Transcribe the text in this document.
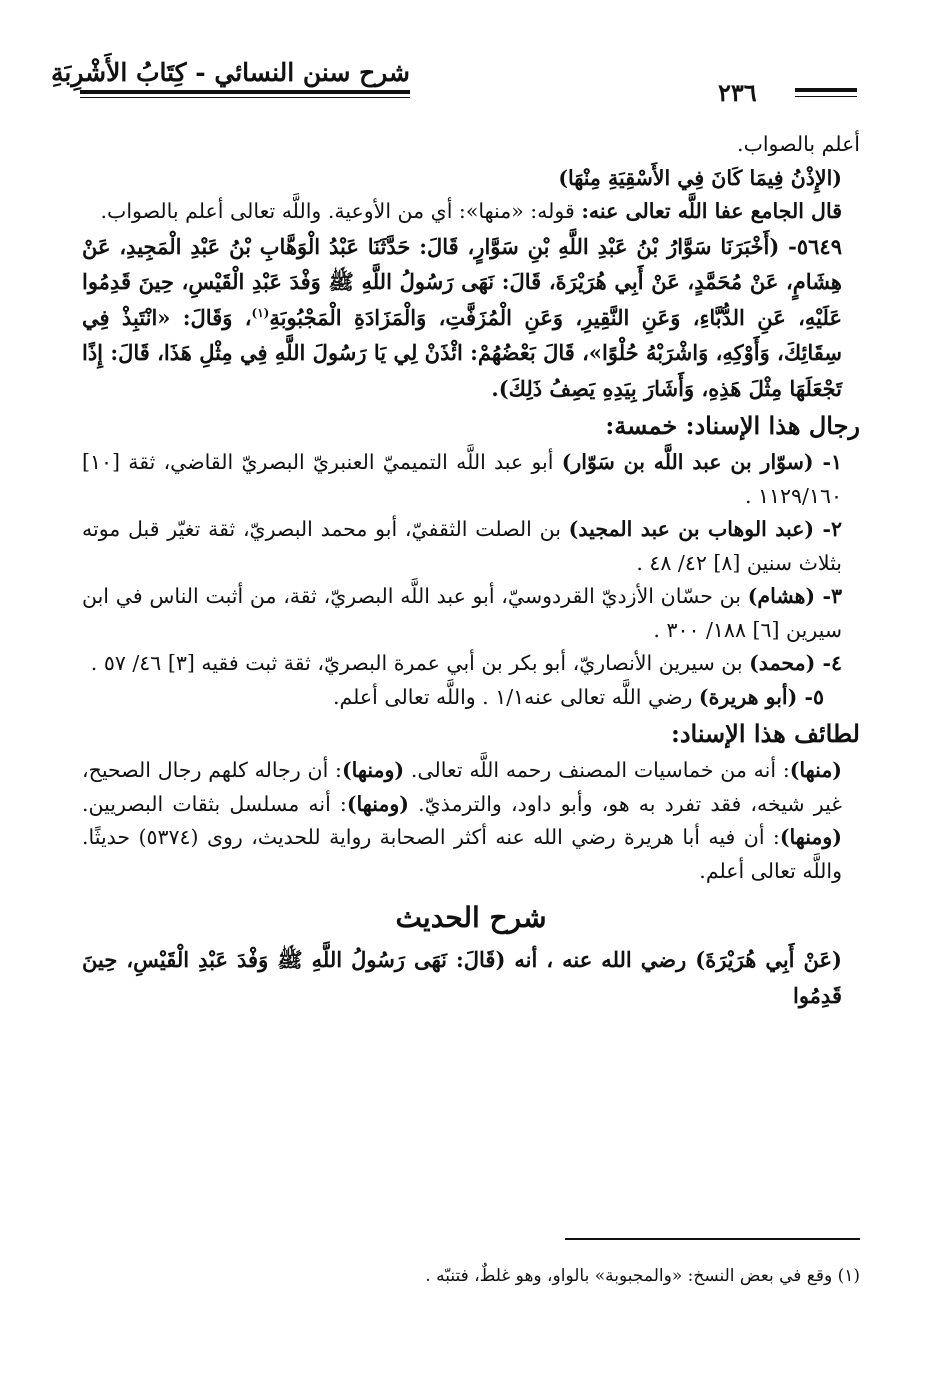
شرح سنن النسائي - كِتَابُ الأَشْرِبَةِ
٢٣٦

أعلم بالصواب.

(الإِذْنُ فِيمَا كَانَ فِي الأَسْقِيَةِ مِنْهَا)

قال الجامع عفا اللَّه تعالى عنه: قوله: «منها»: أي من الأوعية. واللَّه تعالى أعلم بالصواب.

٥٦٤٩- (أَخْبَرَنَا سَوَّارُ بْنُ عَبْدِ اللَّهِ بْنِ سَوَّارٍ، قَالَ: حَدَّثَنَا عَبْدُ الْوَهَّابِ بْنُ عَبْدِ الْمَجِيدِ، عَنْ هِشَامٍ، عَنْ مُحَمَّدٍ، عَنْ أَبِي هُرَيْرَةَ، قَالَ: نَهَى رَسُولُ اللَّهِ ﷺ وَفْدَ عَبْدِ الْقَيْسِ، حِينَ قَدِمُوا عَلَيْهِ، عَنِ الدُّبَّاءِ، وَعَنِ النَّقِيرِ، وَعَنِ الْمُزَفَّتِ، وَالْمَزَادَةِ الْمَجْبُوبَةِ$^{(١)}$، وَقَالَ: «انْتَبِذْ فِي سِقَائِكَ، وَأَوْكِهِ، وَاشْرَبْهُ حُلْوًا»، قَالَ بَعْضُهُمْ: ائْذَنْ لِي يَا رَسُولَ اللَّهِ فِي مِثْلِ هَذَا، قَالَ: إِذًا تَجْعَلَهَا مِثْلَ هَذِهِ، وَأَشَارَ بِيَدِهِ يَصِفُ ذَلِكَ).

رجال هذا الإسناد: خمسة:

١- (سوّار بن عبد اللَّه بن سَوّار) أبو عبد اللَّه التميميّ العنبريّ البصريّ القاضي، ثقة [١٠] ١١٢٩/١٦٠ .

٢- (عبد الوهاب بن عبد المجيد) بن الصلت الثقفيّ، أبو محمد البصريّ، ثقة تغيّر قبل موته بثلاث سنين [٨] ٤٢/ ٤٨ .

٣- (هشام) بن حسّان الأزديّ القردوسيّ، أبو عبد اللَّه البصريّ، ثقة، من أثبت الناس في ابن سيرين [٦] ١٨٨/ ٣٠٠ .

٤- (محمد) بن سيرين الأنصاريّ، أبو بكر بن أبي عمرة البصريّ، ثقة ثبت فقيه [٣] ٤٦/ ٥٧ .

٥- (أبو هريرة) رضي اللَّه تعالى عنه١/١ . واللَّه تعالى أعلم.

لطائف هذا الإسناد:

(منها): أنه من خماسيات المصنف رحمه اللَّه تعالى. (ومنها): أن رجاله كلهم رجال الصحيح، غير شيخه، فقد تفرد به هو، وأبو داود، والترمذيّ. (ومنها): أنه مسلسل بثقات البصريين. (ومنها): أن فيه أبا هريرة رضي الله عنه أكثر الصحابة رواية للحديث، روى (٥٣٧٤) حديثًا. واللَّه تعالى أعلم.

شرح الحديث

(عَنْ أَبِي هُرَيْرَةَ) رضي الله عنه ، أنه (قَالَ: نَهَى رَسُولُ اللَّهِ ﷺ وَفْدَ عَبْدِ الْقَيْسِ، حِينَ قَدِمُوا

(١) وقع في بعض النسخ: «والمجبوبة» بالواو، وهو غلطٌ، فتنبّه .
